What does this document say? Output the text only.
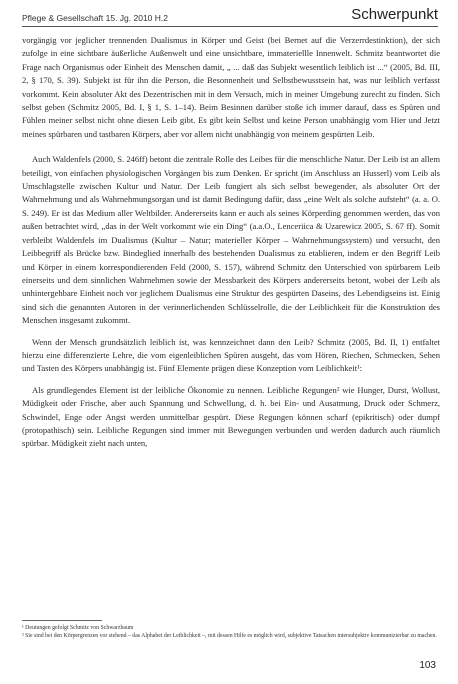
Pflege & Gesellschaft 15. Jg. 2010 H.2	Schwerpunkt

vorgängig vor jeglicher trennenden Dualismus in Körper und Geist (bei Bernet auf die Verzerrdestinktion), der sich zufolge in eine sichtbare äußerliche Außenwelt und eine unsichtbare, immateriellle Innenwelt. Schmitz beantwortet die Frage nach Organismus oder Einheit des Menschen damit, „ ... daß das Subjekt wesentlich leiblich ist ...“ (2005, Bd. III, 2, § 170, S. 39). Subjekt ist für ihn die Person, die Besonnenheit und Selbstbewusstsein hat, was nur leiblich verfasst vorkommt. Kein absoluter Akt des Dezentrischen mit in dem Versuch, mich in meiner Umgebung zurecht zu finden. Sich selbst geben (Schmitz 2005, Bd. I, § 1, S. 1–14). Beim Besinnen darüber stoße ich immer darauf, dass es Spüren und Fühlen meiner selbst nicht ohne diesen Leib gibt. Es gibt kein Selbst und keine Person unabhängig vom Hier und Jetzt meines spürbaren und tastbaren Körpers, aber vor allem nicht unabhängig von meinem gespürten Leib.

Auch Waldenfels (2000, S. 246ff) betont die zentrale Rolle des Leibes für die menschliche Natur. Der Leib ist an allem beteiligt, von einfachen physiologischen Vorgängen bis zum Denken. Er spricht (im Anschluss an Husserl) vom Leib als Umschlagstelle zwischen Kultur und Natur. Der Leib fungiert als sich selbst bewegender, als absoluter Ort der Wahrnehmung und als Wahrnehmungsorgan und ist damit Bedingung dafür, dass „eine Welt als solche aufsteht“ (a. a. O. S. 249). Er ist das Medium aller Weltbilder. Andererseits kann er auch als seines Körperding genommen werden, das von außen betrachtet wird, „das in der Welt vorkommt wie ein Ding“ (a.a.O., Lenceriica & Uzarewicz 2005, S. 67 ff). Somit verbleibt Waldenfels im Dualismus (Kultur – Natur; materieller Körper – Wahrnehmungssystem) und versucht, den Leibbegriff als Brücke bzw. Bindeglied innerhalb des bestehenden Dualismus zu etablieren, indem er den Begriff Leib und Körper in einem korrespondierenden Feld (2000, S. 157), während Schmitz den Unterschied von spürbarem Leib einerseits und dem sinnlichen Wahrnehmen sowie der Messbarkeit des Körpers andererseits betont, wobei der Leib als unhintergehbare Einheit noch vor jeglichem Dualismus eine Struktur des gespürten Daseins, des Lebendigseins ist. Einig sind sich die genannten Autoren in der verinnerlichenden Schlüsselrolle, die der Leiblichkeit für die Konstruktion des Menschen insgesamt zukommt.

Wenn der Mensch grundsätzlich leiblich ist, was kennzeichnet dann den Leib? Schmitz (2005, Bd. II, 1) entfaltet hierzu eine differenzierte Lehre, die vom eigenleiblichen Spüren ausgeht, das vom Hören, Riechen, Schmecken, Sehen und Tasten des Körpers unabhängig ist. Fünf Elemente prägen diese Konzeption vom Leiblichkeit¹:

Als grundlegendes Element ist der leibliche Ökonomie zu nennen. Leibliche Regungen² wie Hunger, Durst, Wollust, Müdigkeit oder Frische, aber auch Spannung und Schwellung, d. h. bei Ein- und Ausatmung, Druck oder Schmerz, Schwindel, Enge oder Angst werden unmittelbar gespürt. Diese Regungen können scharf (epikritisch) oder dumpf (protopathisch) sein. Leibliche Regungen sind immer mit Bewegungen verbunden und werden dadurch auch räumlich spürbar. Müdigkeit zieht nach unten,

¹ Deutungen gefolgt Schmitz von Schwarzbaum

² Sie sind bei den Körpergrenzen vor stehend – das Alphabet der Leiblichkeit –, mit dessen Hilfe es möglich wird, subjektive Tatsachen intersubjektiv kommunizierbar zu machen.

103
